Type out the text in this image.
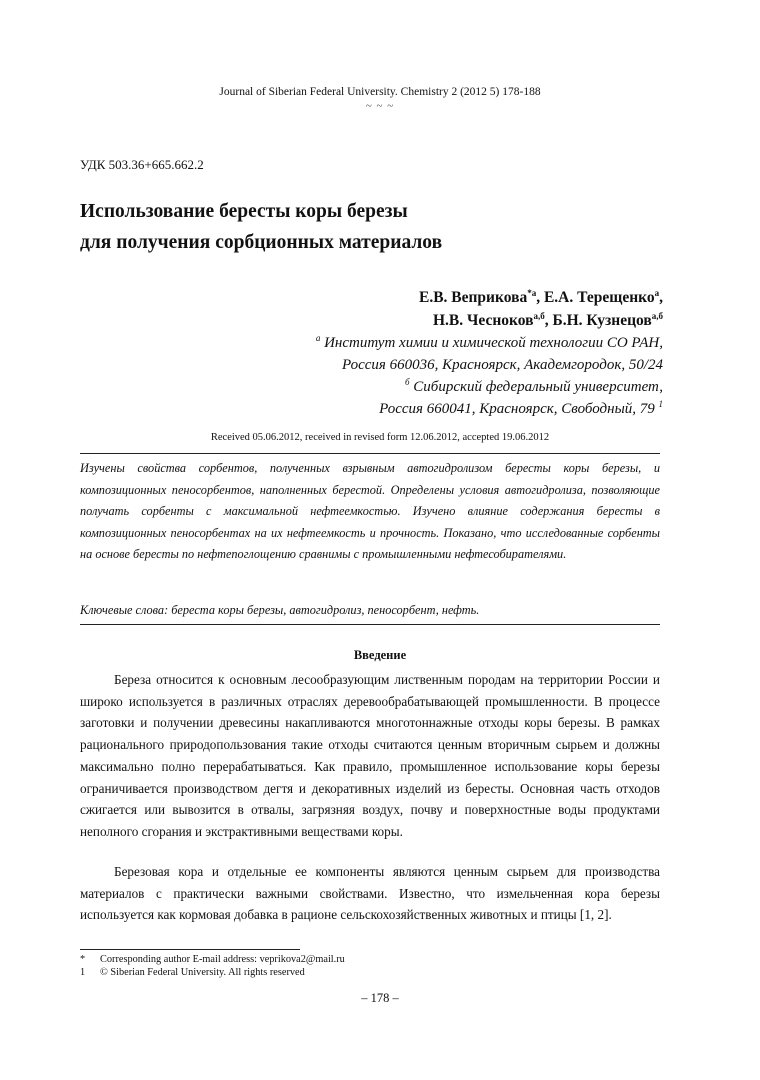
Journal of Siberian Federal University. Chemistry 2 (2012 5) 178-188
~ ~ ~
УДК 503.36+665.662.2
Использование бересты коры березы
для получения сорбционных материалов
Е.В. Веприкова$^{*а}$, Е.А. Терещенко$^а$,
Н.В. Чесноков$^{а,б}$, Б.Н. Кузнецов$^{а,б}$
$^а$ Институт химии и химической технологии СО РАН,
Россия 660036, Красноярск, Академгородок, 50/24
$^б$ Сибирский федеральный университет,
Россия 660041, Красноярск, Свободный, 79 $^1$
Received 05.06.2012, received in revised form 12.06.2012, accepted 19.06.2012
Изучены свойства сорбентов, полученных взрывным автогидролизом бересты коры березы, и композиционных пеносорбентов, наполненных берестой. Определены условия автогидролиза, позволяющие получать сорбенты с максимальной нефтеемкостью. Изучено влияние содержания бересты в композиционных пеносорбентах на их нефтеемкость и прочность. Показано, что исследованные сорбенты на основе бересты по нефтепоглощению сравнимы с промышленными нефтесобирателями.
Ключевые слова: береста коры березы, автогидролиз, пеносорбент, нефть.
Введение

Береза относится к основным лесообразующим лиственным породам на территории России и широко используется в различных отраслях деревообрабатывающей промышленности. В процессе заготовки и получении древесины накапливаются многотоннажные отходы коры березы. В рамках рационального природопользования такие отходы считаются ценным вторичным сырьем и должны максимально полно перерабатываться. Как правило, промышленное использование коры березы ограничивается производством дегтя и декоративных изделий из бересты. Основная часть отходов сжигается или вывозится в отвалы, загрязняя воздух, почву и поверхностные воды продуктами неполного сгорания и экстрактивными веществами коры.

Березовая кора и отдельные ее компоненты являются ценным сырьем для производства материалов с практически важными свойствами. Известно, что измельченная кора березы используется как кормовая добавка в рационе сельскохозяйственных животных и птицы [1, 2].

* Corresponding author E-mail address: veprikova2@mail.ru
1 © Siberian Federal University. All rights reserved
– 178 –
